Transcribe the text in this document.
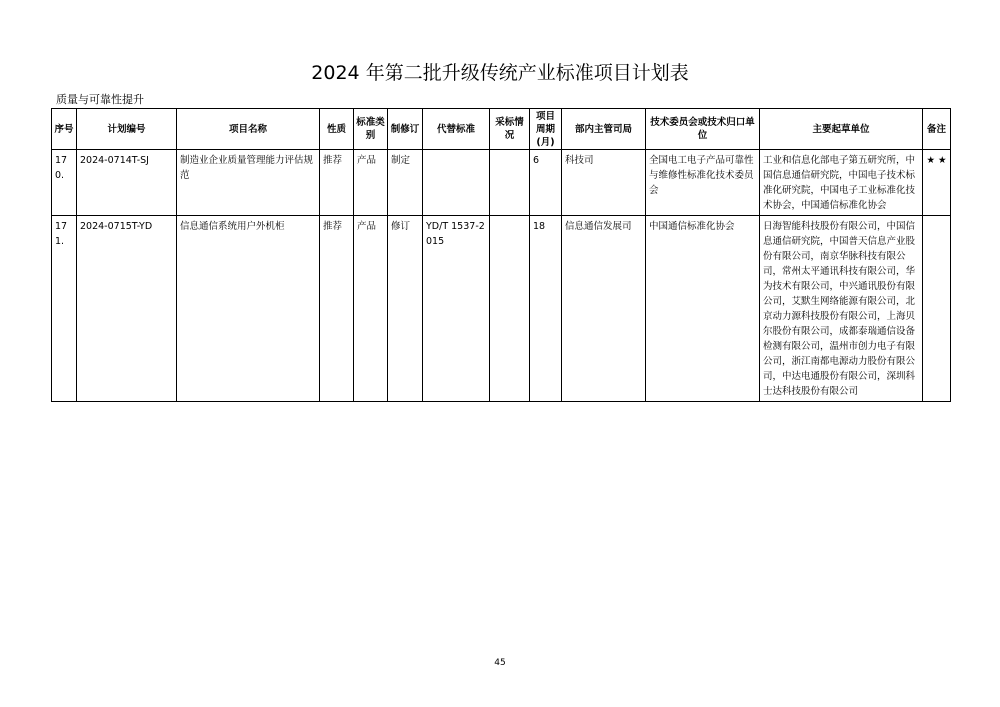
2024 年第二批升级传统产业标准项目计划表
质量与可靠性提升
序号	计划编号	项目名称	性质	标准类别	制修订	代替标准	采标情况	项目周期(月)	部内主管司局	技术委员会或技术归口单位	主要起草单位	备注
170.	2024-0714T-SJ	制造业企业质量管理能力评估规范	推荐	产品	制定			6	科技司	全国电工电子产品可靠性与维修性标准化技术委员会	工业和信息化部电子第五研究所，中国信息通信研究院，中国电子技术标准化研究院，中国电子工业标准化技术协会，中国通信标准化协会	★ ★
171.	2024-0715T-YD	信息通信系统用户外机柜	推荐	产品	修订	YD/T 1537-2015		18	信息通信发展司	中国通信标准化协会	日海智能科技股份有限公司，中国信息通信研究院，中国普天信息产业股份有限公司，南京华脉科技有限公司，常州太平通讯科技有限公司，华为技术有限公司，中兴通讯股份有限公司，艾默生网络能源有限公司，北京动力源科技股份有限公司，上海贝尔股份有限公司，成都泰瑞通信设备检测有限公司，温州市创力电子有限公司，浙江南都电源动力股份有限公司，中达电通股份有限公司，深圳科士达科技股份有限公司	
45
